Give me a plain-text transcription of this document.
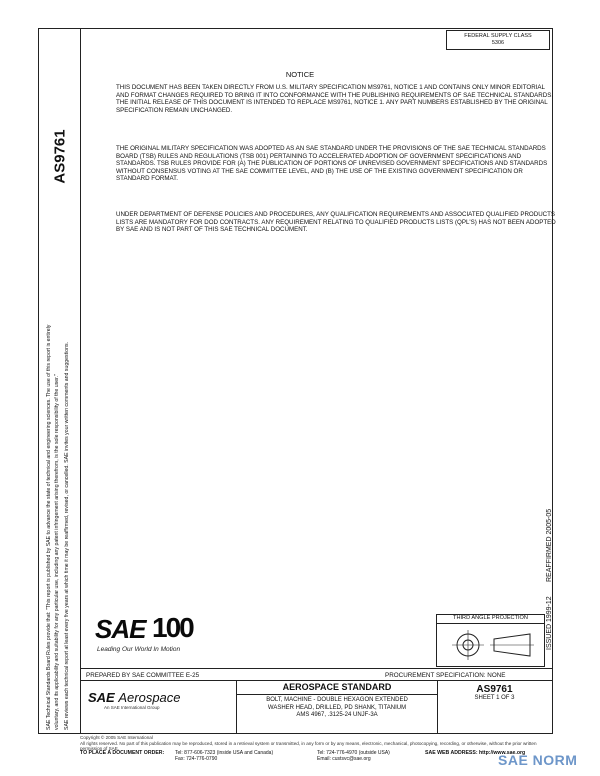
FEDERAL SUPPLY CLASS
5306
AS9761
NOTICE
THIS DOCUMENT HAS BEEN TAKEN DIRECTLY FROM U.S. MILITARY SPECIFICATION MS9761, NOTICE 1 AND CONTAINS ONLY MINOR EDITORIAL AND FORMAT CHANGES REQUIRED TO BRING IT INTO CONFORMANCE WITH THE PUBLISHING REQUIREMENTS OF SAE TECHNICAL STANDARDS. THE INITIAL RELEASE OF THIS DOCUMENT IS INTENDED TO REPLACE MS9761, NOTICE 1. ANY PART NUMBERS ESTABLISHED BY THE ORIGINAL SPECIFICATION REMAIN UNCHANGED.
THE ORIGINAL MILITARY SPECIFICATION WAS ADOPTED AS AN SAE STANDARD UNDER THE PROVISIONS OF THE SAE TECHNICAL STANDARDS BOARD (TSB) RULES AND REGULATIONS (TSB 001) PERTAINING TO ACCELERATED ADOPTION OF GOVERNMENT SPECIFICATIONS AND STANDARDS. TSB RULES PROVIDE FOR (A) THE PUBLICATION OF PORTIONS OF UNREVISED GOVERNMENT SPECIFICATIONS AND STANDARDS WITHOUT CONSENSUS VOTING AT THE SAE COMMITTEE LEVEL, AND (B) THE USE OF THE EXISTING GOVERNMENT SPECIFICATION OR STANDARD FORMAT.
UNDER DEPARTMENT OF DEFENSE POLICIES AND PROCEDURES, ANY QUALIFICATION REQUIREMENTS AND ASSOCIATED QUALIFIED PRODUCTS LISTS ARE MANDATORY FOR DOD CONTRACTS. ANY REQUIREMENT RELATING TO QUALIFIED PRODUCTS LISTS (QPL'S) HAS NOT BEEN ADOPTED BY SAE AND IS NOT PART OF THIS SAE TECHNICAL DOCUMENT.
SAE Technical Standards Board Rules provide that: "This report is published by SAE to advance the state of technical and engineering sciences. The use of this report is entirely voluntary, and its applicability and suitability for any particular use, including any patent infringement arising therefrom, is the sole responsibility of the user." SAE reviews each technical report at least every five years at which time it may be reaffirmed, revised, or cancelled. SAE invites your written comments and suggestions.	REAFFIRMED 2005-05
ISSUED 1999-12
THIRD ANGLE PROJECTION
SAE 100
Leading Our World In Motion
PREPARED BY SAE COMMITTEE E-25	PROCUREMENT SPECIFICATION: NONE
SAE Aerospace
An SAE International Group
AEROSPACE STANDARD
BOLT, MACHINE - DOUBLE HEXAGON EXTENDED
WASHER HEAD, DRILLED, PD SHANK, TITANIUM
AMS 4967, .3125-24 UNJF-3A
AS9761
SHEET 1 OF 3
Copyright © 2005 SAE International
All rights reserved. No part of this publication may be reproduced, stored in a retrieval system or transmitted, in any form or by any means, electronic, mechanical, photocopying, recording, or otherwise, without the prior written permission of SAE.
TO PLACE A DOCUMENT ORDER: Tel: 877-606-7323 (inside USA and Canada)
Fax: 724-776-0790
Tel: 724-776-4970 (outside USA)
Email: custsvc@sae.org
SAE WEB ADDRESS: http://www.sae.org
SAE NORM
